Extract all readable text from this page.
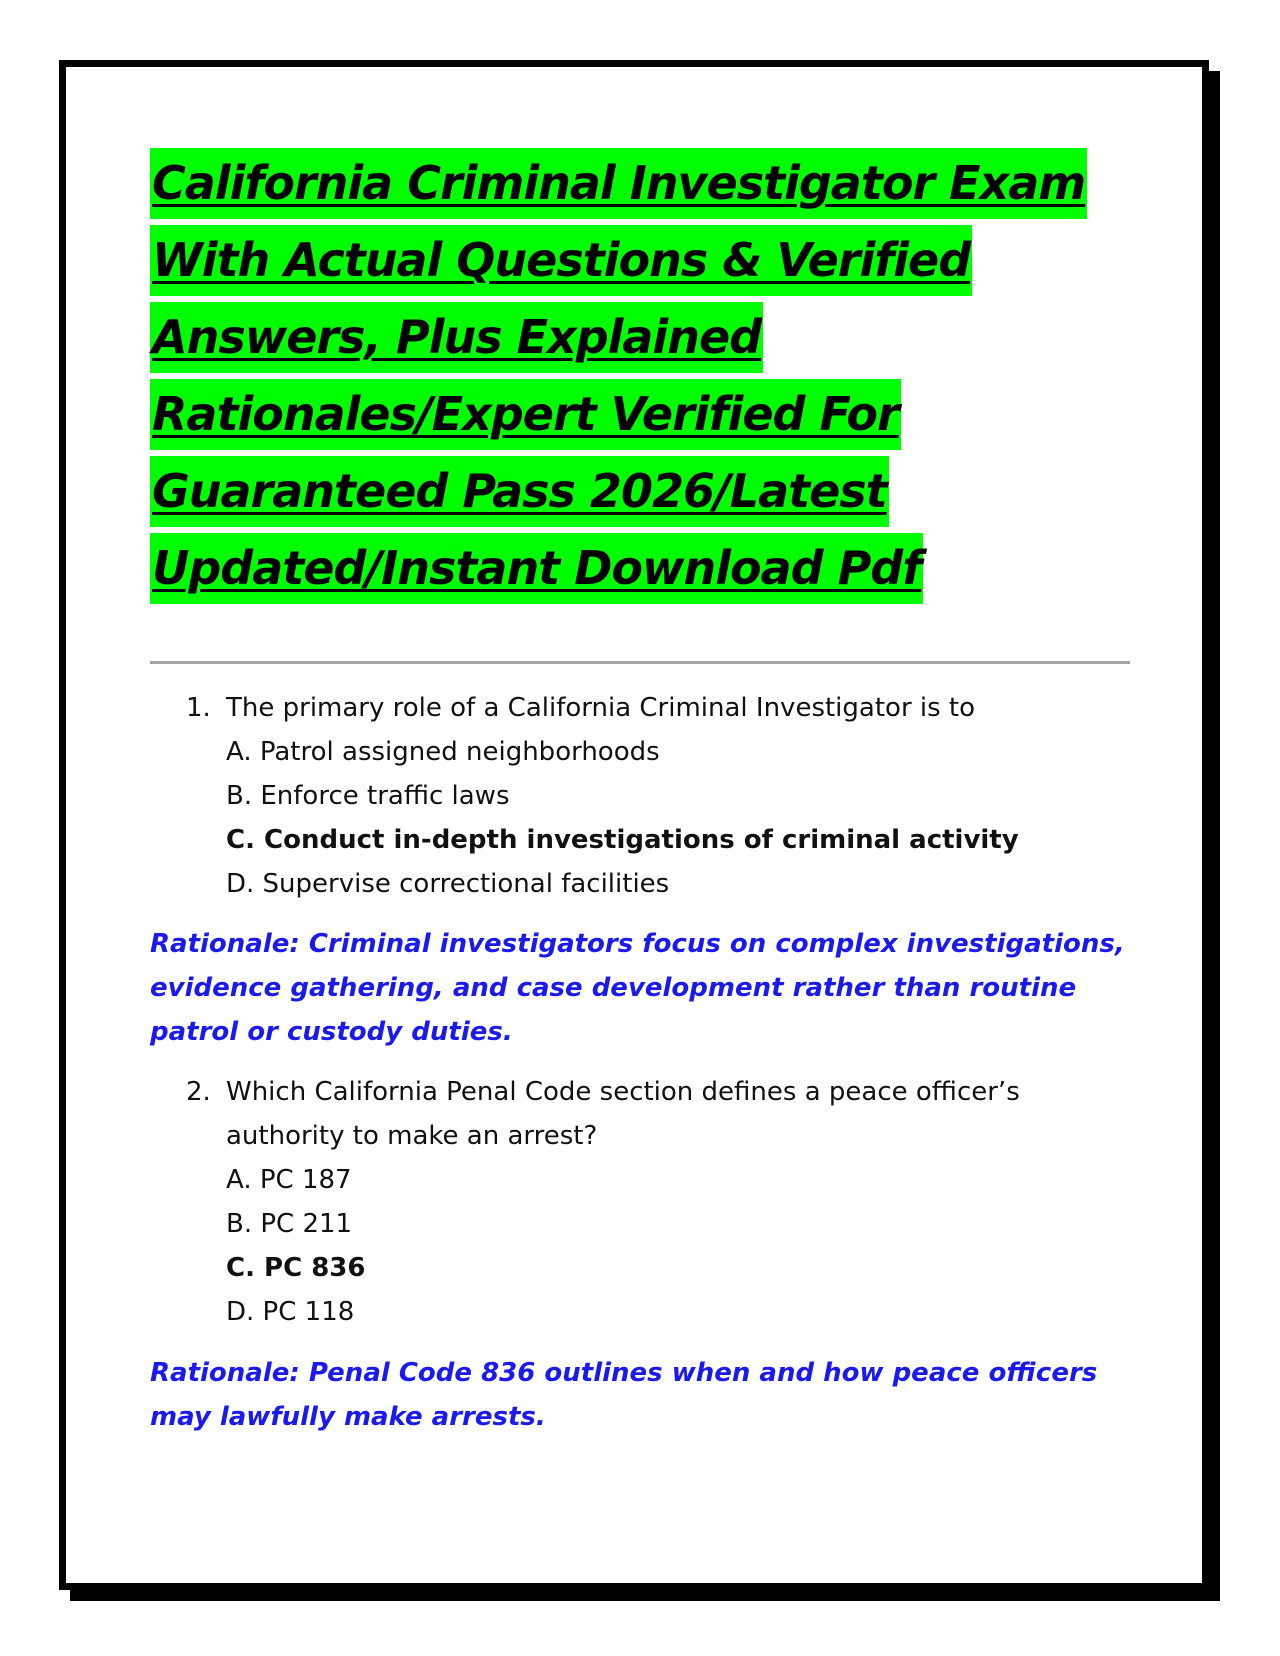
California Criminal Investigator Exam
With Actual Questions & Verified
Answers, Plus Explained
Rationales/Expert Verified For
Guaranteed Pass 2026/Latest
Updated/Instant Download Pdf
1. The primary role of a California Criminal Investigator is to
A. Patrol assigned neighborhoods
B. Enforce traffic laws
C. Conduct in-depth investigations of criminal activity
D. Supervise correctional facilities
Rationale: Criminal investigators focus on complex investigations, evidence gathering, and case development rather than routine patrol or custody duties.
2. Which California Penal Code section defines a peace officer’s authority to make an arrest?
A. PC 187
B. PC 211
C. PC 836
D. PC 118
Rationale: Penal Code 836 outlines when and how peace officers may lawfully make arrests.
